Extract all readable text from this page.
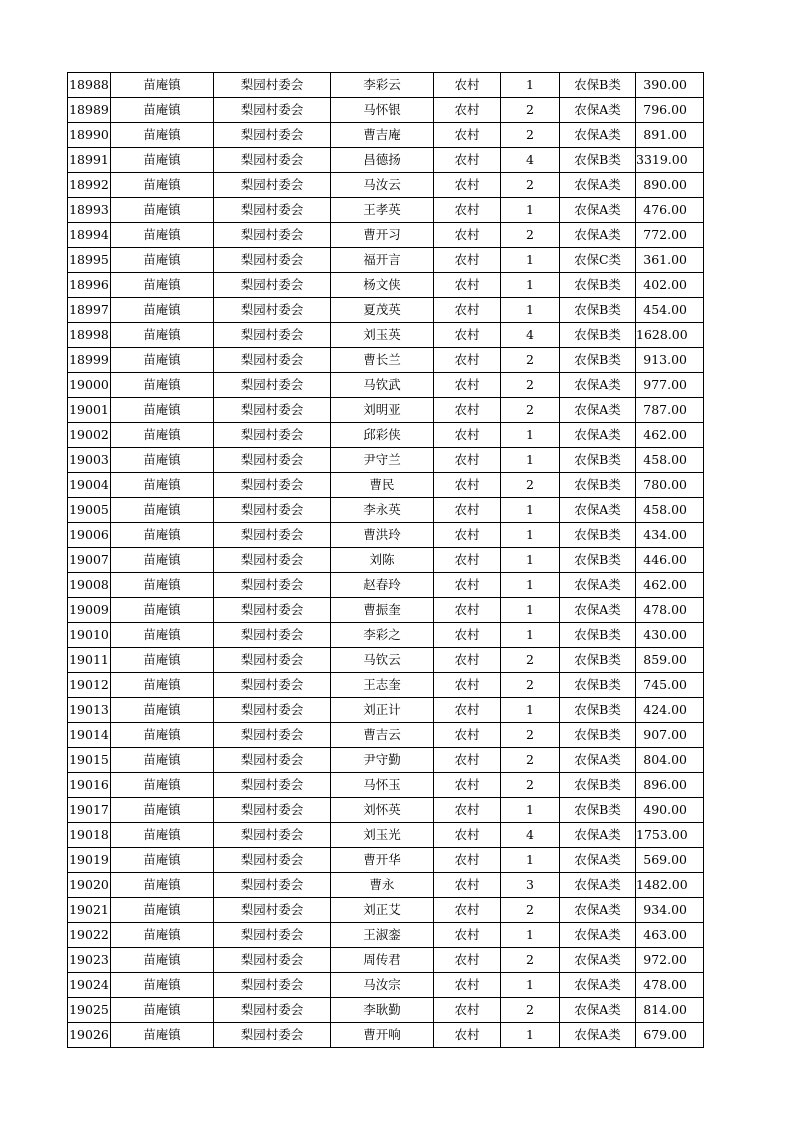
18988	苗庵镇	梨园村委会	李彩云	农村	1	农保B类	390.00
18989	苗庵镇	梨园村委会	马怀银	农村	2	农保A类	796.00
18990	苗庵镇	梨园村委会	曹吉庵	农村	2	农保A类	891.00
18991	苗庵镇	梨园村委会	昌德扬	农村	4	农保B类	3319.00
18992	苗庵镇	梨园村委会	马汝云	农村	2	农保A类	890.00
18993	苗庵镇	梨园村委会	王孝英	农村	1	农保A类	476.00
18994	苗庵镇	梨园村委会	曹开习	农村	2	农保A类	772.00
18995	苗庵镇	梨园村委会	福开言	农村	1	农保C类	361.00
18996	苗庵镇	梨园村委会	杨文侠	农村	1	农保B类	402.00
18997	苗庵镇	梨园村委会	夏茂英	农村	1	农保B类	454.00
18998	苗庵镇	梨园村委会	刘玉英	农村	4	农保B类	1628.00
18999	苗庵镇	梨园村委会	曹长兰	农村	2	农保B类	913.00
19000	苗庵镇	梨园村委会	马钦武	农村	2	农保A类	977.00
19001	苗庵镇	梨园村委会	刘明亚	农村	2	农保A类	787.00
19002	苗庵镇	梨园村委会	邱彩侠	农村	1	农保A类	462.00
19003	苗庵镇	梨园村委会	尹守兰	农村	1	农保B类	458.00
19004	苗庵镇	梨园村委会	曹民	农村	2	农保B类	780.00
19005	苗庵镇	梨园村委会	李永英	农村	1	农保A类	458.00
19006	苗庵镇	梨园村委会	曹洪玲	农村	1	农保B类	434.00
19007	苗庵镇	梨园村委会	刘陈	农村	1	农保B类	446.00
19008	苗庵镇	梨园村委会	赵春玲	农村	1	农保A类	462.00
19009	苗庵镇	梨园村委会	曹振奎	农村	1	农保A类	478.00
19010	苗庵镇	梨园村委会	李彩之	农村	1	农保B类	430.00
19011	苗庵镇	梨园村委会	马钦云	农村	2	农保B类	859.00
19012	苗庵镇	梨园村委会	王志奎	农村	2	农保B类	745.00
19013	苗庵镇	梨园村委会	刘正计	农村	1	农保B类	424.00
19014	苗庵镇	梨园村委会	曹吉云	农村	2	农保B类	907.00
19015	苗庵镇	梨园村委会	尹守勤	农村	2	农保A类	804.00
19016	苗庵镇	梨园村委会	马怀玉	农村	2	农保B类	896.00
19017	苗庵镇	梨园村委会	刘怀英	农村	1	农保B类	490.00
19018	苗庵镇	梨园村委会	刘玉光	农村	4	农保A类	1753.00
19019	苗庵镇	梨园村委会	曹开华	农村	1	农保A类	569.00
19020	苗庵镇	梨园村委会	曹永	农村	3	农保A类	1482.00
19021	苗庵镇	梨园村委会	刘正艾	农村	2	农保A类	934.00
19022	苗庵镇	梨园村委会	王淑銮	农村	1	农保A类	463.00
19023	苗庵镇	梨园村委会	周传君	农村	2	农保A类	972.00
19024	苗庵镇	梨园村委会	马汝宗	农村	1	农保A类	478.00
19025	苗庵镇	梨园村委会	李耿勤	农村	2	农保A类	814.00
19026	苗庵镇	梨园村委会	曹开响	农村	1	农保A类	679.00
